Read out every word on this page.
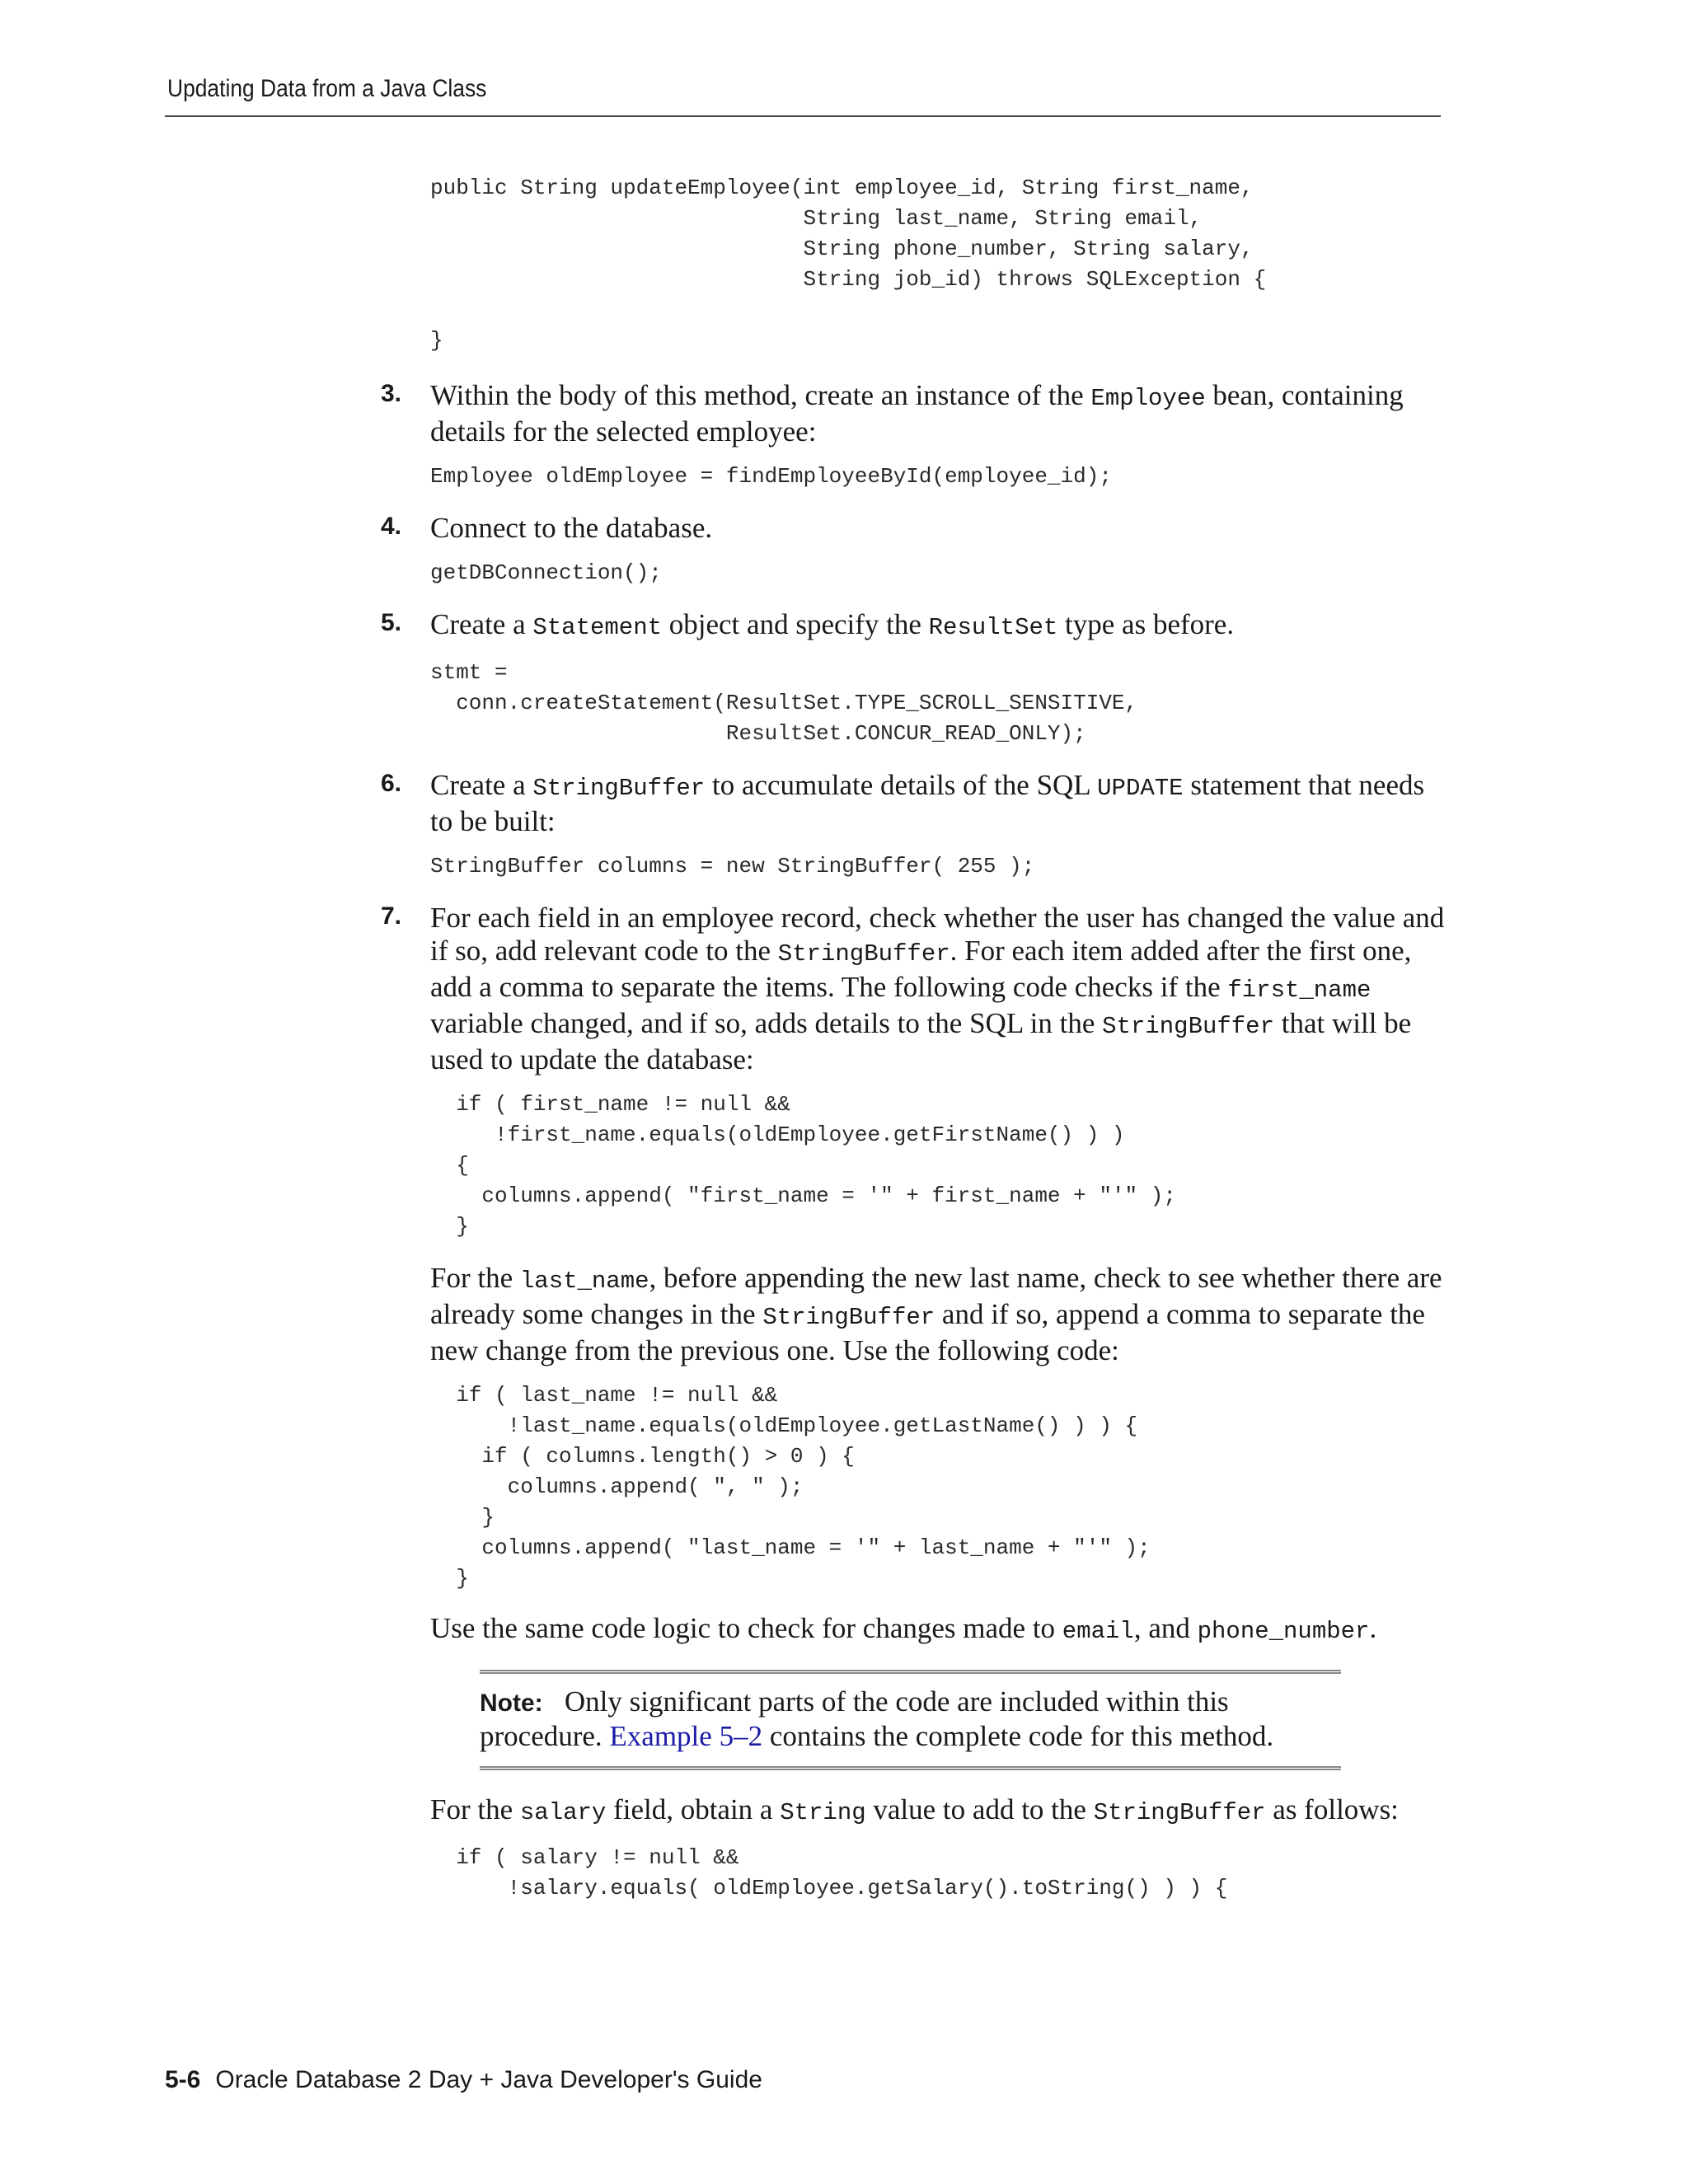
Updating Data from a Java Class
public String updateEmployee(int employee_id, String first_name,
String last_name, String email,
String phone_number, String salary,
String job_id) throws SQLException {

}
3. Within the body of this method, create an instance of the Employee bean, containing details for the selected employee:
Employee oldEmployee = findEmployeeById(employee_id);
4. Connect to the database.
getDBConnection();
5. Create a Statement object and specify the ResultSet type as before.
stmt =
conn.createStatement(ResultSet.TYPE_SCROLL_SENSITIVE,
ResultSet.CONCUR_READ_ONLY);
6. Create a StringBuffer to accumulate details of the SQL UPDATE statement that needs to be built:
StringBuffer columns = new StringBuffer( 255 );
7. For each field in an employee record, check whether the user has changed the value and if so, add relevant code to the StringBuffer. For each item added after the first one, add a comma to separate the items. The following code checks if the first_name variable changed, and if so, adds details to the SQL in the StringBuffer that will be used to update the database:
if ( first_name != null &&
!first_name.equals(oldEmployee.getFirstName() ) )
{
columns.append( "first_name = '" + first_name + "'" );
}
For the last_name, before appending the new last name, check to see whether there are already some changes in the StringBuffer and if so, append a comma to separate the new change from the previous one. Use the following code:
if ( last_name != null &&
!last_name.equals(oldEmployee.getLastName() ) ) {
if ( columns.length() > 0 ) {
columns.append( ", " );
}
columns.append( "last_name = '" + last_name + "'" );
}
Use the same code logic to check for changes made to email, and phone_number.
Note: Only significant parts of the code are included within this procedure. Example 5–2 contains the complete code for this method.
For the salary field, obtain a String value to add to the StringBuffer as follows:
if ( salary != null &&
!salary.equals( oldEmployee.getSalary().toString() ) ) {
5-6 Oracle Database 2 Day + Java Developer's Guide
